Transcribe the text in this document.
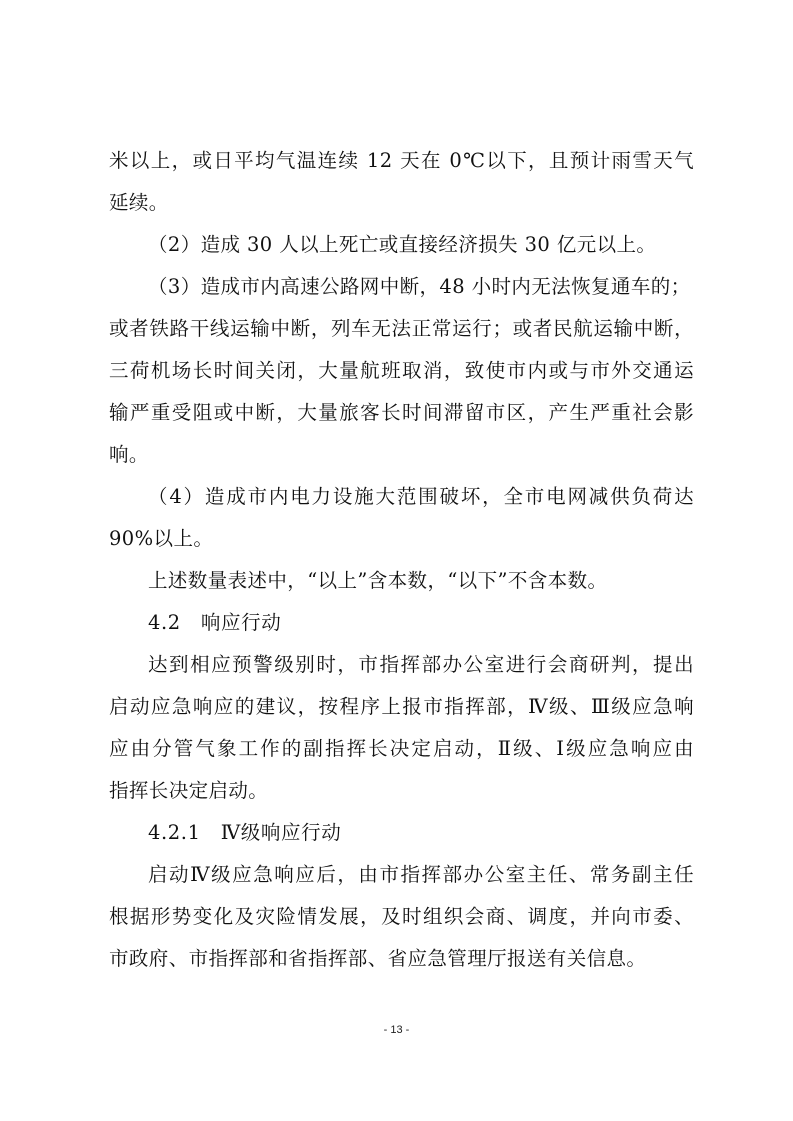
米以上，或日平均气温连续 12 天在 0℃以下，且预计雨雪天气
延续。
（2）造成 30 人以上死亡或直接经济损失 30 亿元以上。
（3）造成市内高速公路网中断，48 小时内无法恢复通车的；
或者铁路干线运输中断，列车无法正常运行；或者民航运输中断，
三荷机场长时间关闭，大量航班取消，致使市内或与市外交通运
输严重受阻或中断，大量旅客长时间滞留市区，产生严重社会影
响。
（4）造成市内电力设施大范围破坏，全市电网减供负荷达
90%以上。
上述数量表述中，“以上”含本数，“以下”不含本数。
4.2　响应行动
达到相应预警级别时，市指挥部办公室进行会商研判，提出
启动应急响应的建议，按程序上报市指挥部，Ⅳ级、Ⅲ级应急响
应由分管气象工作的副指挥长决定启动，Ⅱ级、Ⅰ级应急响应由
指挥长决定启动。
4.2.1　Ⅳ级响应行动
启动Ⅳ级应急响应后，由市指挥部办公室主任、常务副主任
根据形势变化及灾险情发展，及时组织会商、调度，并向市委、
市政府、市指挥部和省指挥部、省应急管理厅报送有关信息。
- 13 -
